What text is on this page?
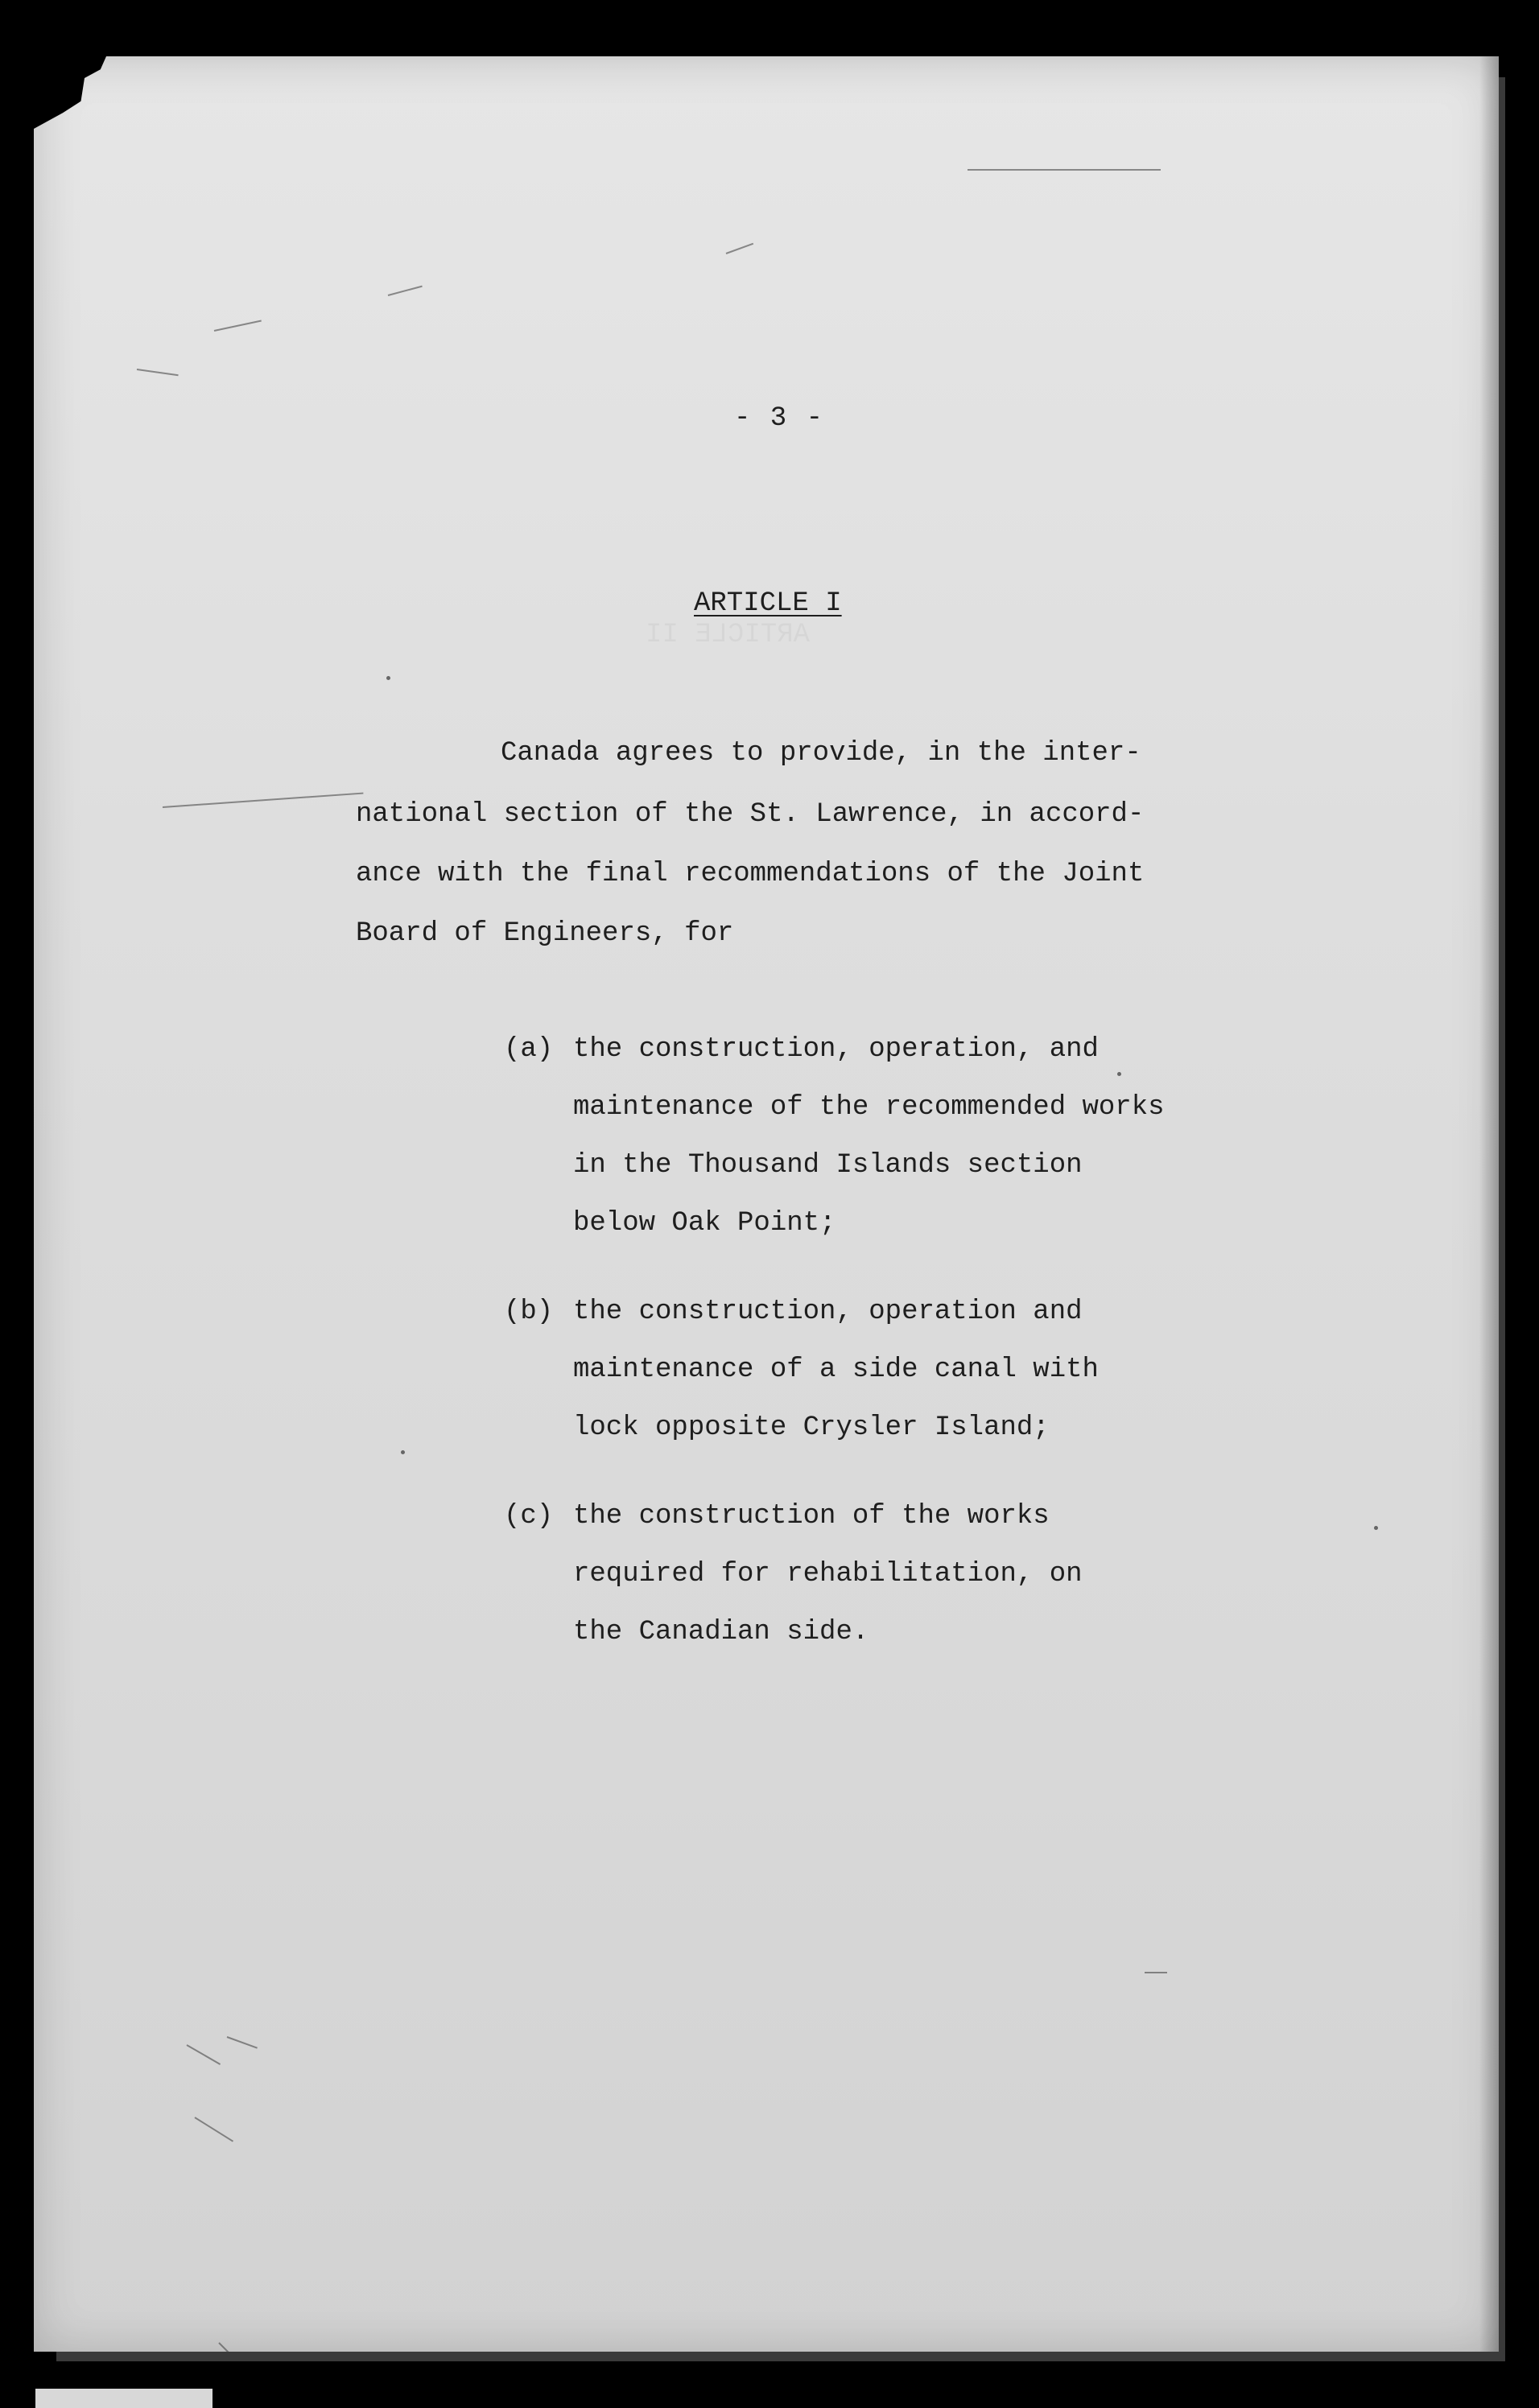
- 3 -
ARTICLE I
Canada agrees to provide, in the inter-
national section of the St. Lawrence, in accord-
ance with the final recommendations of the Joint
Board of Engineers, for
(a) the construction, operation, and
maintenance of the recommended works
in the Thousand Islands section
below Oak Point;
(b) the construction, operation and
maintenance of a side canal with
lock opposite Crysler Island;
(c) the construction of the works
required for rehabilitation, on
the Canadian side.
